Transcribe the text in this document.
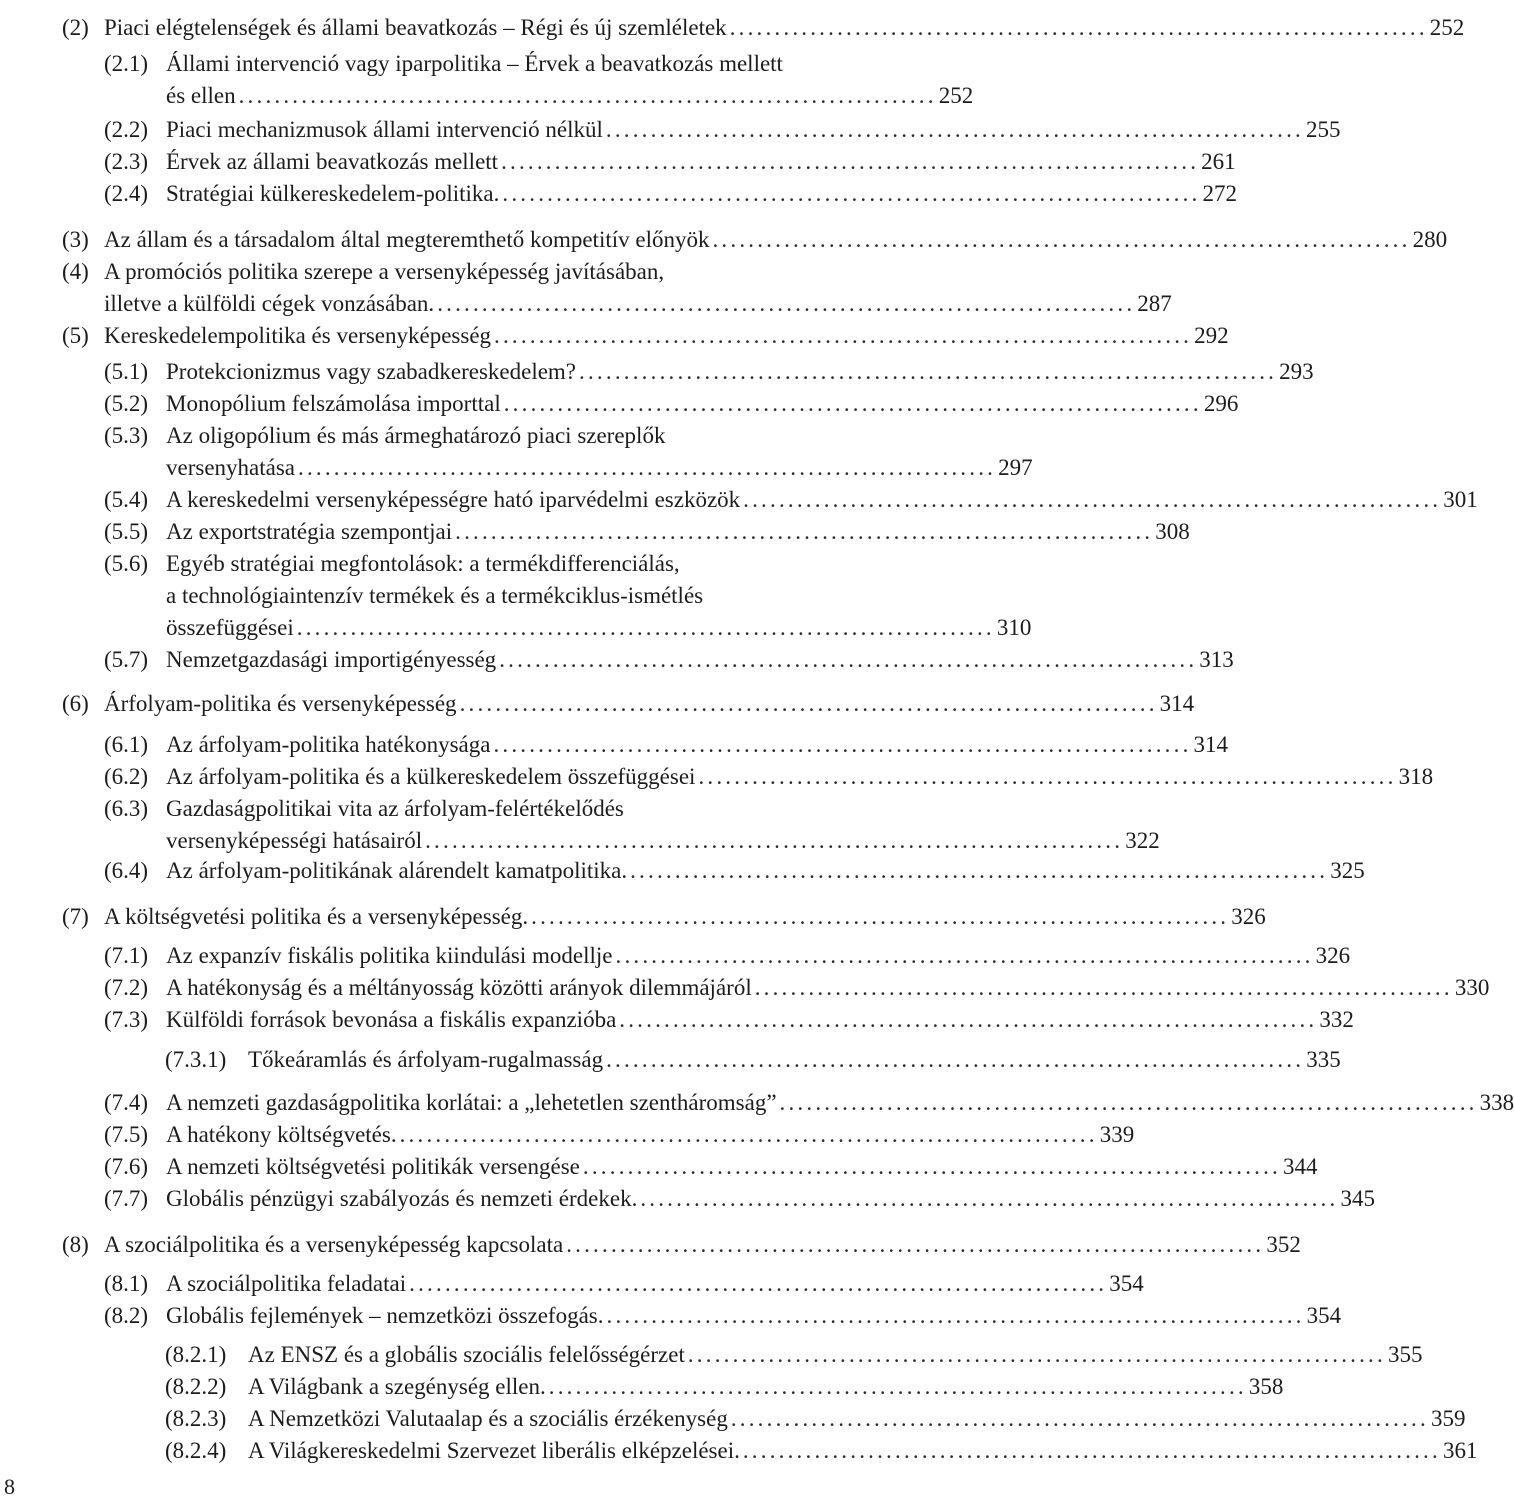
(2) Piaci elégtelenségek és állami beavatkozás – Régi és új szemléletek .............................................................................. 252
(2.1) Állami intervenció vagy iparpolitika – Érvek a beavatkozás mellett
és ellen .............................................................................. 252
(2.2) Piaci mechanizmusok állami intervenció nélkül .............................................................................. 255
(2.3) Érvek az állami beavatkozás mellett .............................................................................. 261
(2.4) Stratégiai külkereskedelem-politika. .............................................................................. 272
(3) Az állam és a társadalom által megteremthető kompetitív előnyök .............................................................................. 280
(4) A promóciós politika szerepe a versenyképesség javításában,
illetve a külföldi cégek vonzásában. .............................................................................. 287
(5) Kereskedelempolitika és versenyképesség .............................................................................. 292
(5.1) Protekcionizmus vagy szabadkereskedelem? .............................................................................. 293
(5.2) Monopólium felszámolása importtal .............................................................................. 296
(5.3) Az oligopólium és más ármeghatározó piaci szereplők
versenyhatása .............................................................................. 297
(5.4) A kereskedelmi versenyképességre ható iparvédelmi eszközök .............................................................................. 301
(5.5) Az exportstratégia szempontjai .............................................................................. 308
(5.6) Egyéb stratégiai megfontolások: a termékdifferenciálás,
a technológiaintenzív termékek és a termékciklus-ismétlés
összefüggései .............................................................................. 310
(5.7) Nemzetgazdasági importigényesség .............................................................................. 313
(6) Árfolyam-politika és versenyképesség .............................................................................. 314
(6.1) Az árfolyam-politika hatékonysága .............................................................................. 314
(6.2) Az árfolyam-politika és a külkereskedelem összefüggései .............................................................................. 318
(6.3) Gazdaságpolitikai vita az árfolyam-felértékelődés
versenyképességi hatásairól .............................................................................. 322
(6.4) Az árfolyam-politikának alárendelt kamatpolitika. .............................................................................. 325
(7) A költségvetési politika és a versenyképesség. .............................................................................. 326
(7.1) Az expanzív fiskális politika kiindulási modellje .............................................................................. 326
(7.2) A hatékonyság és a méltányosság közötti arányok dilemmájáról .............................................................................. 330
(7.3) Külföldi források bevonása a fiskális expanzióba .............................................................................. 332
(7.3.1) Tőkeáramlás és árfolyam-rugalmasság .............................................................................. 335
(7.4) A nemzeti gazdaságpolitika korlátai: a „lehetetlen szentháromság” .............................................................................. 338
(7.5) A hatékony költségvetés. .............................................................................. 339
(7.6) A nemzeti költségvetési politikák versengése .............................................................................. 344
(7.7) Globális pénzügyi szabályozás és nemzeti érdekek. .............................................................................. 345
(8) A szociálpolitika és a versenyképesség kapcsolata .............................................................................. 352
(8.1) A szociálpolitika feladatai .............................................................................. 354
(8.2) Globális fejlemények – nemzetközi összefogás. .............................................................................. 354
(8.2.1) Az ENSZ és a globális szociális felelősségérzet .............................................................................. 355
(8.2.2) A Világbank a szegénység ellen. .............................................................................. 358
(8.2.3) A Nemzetközi Valutaalap és a szociális érzékenység .............................................................................. 359
(8.2.4) A Világkereskedelmi Szervezet liberális elképzelései. .............................................................................. 361
8
